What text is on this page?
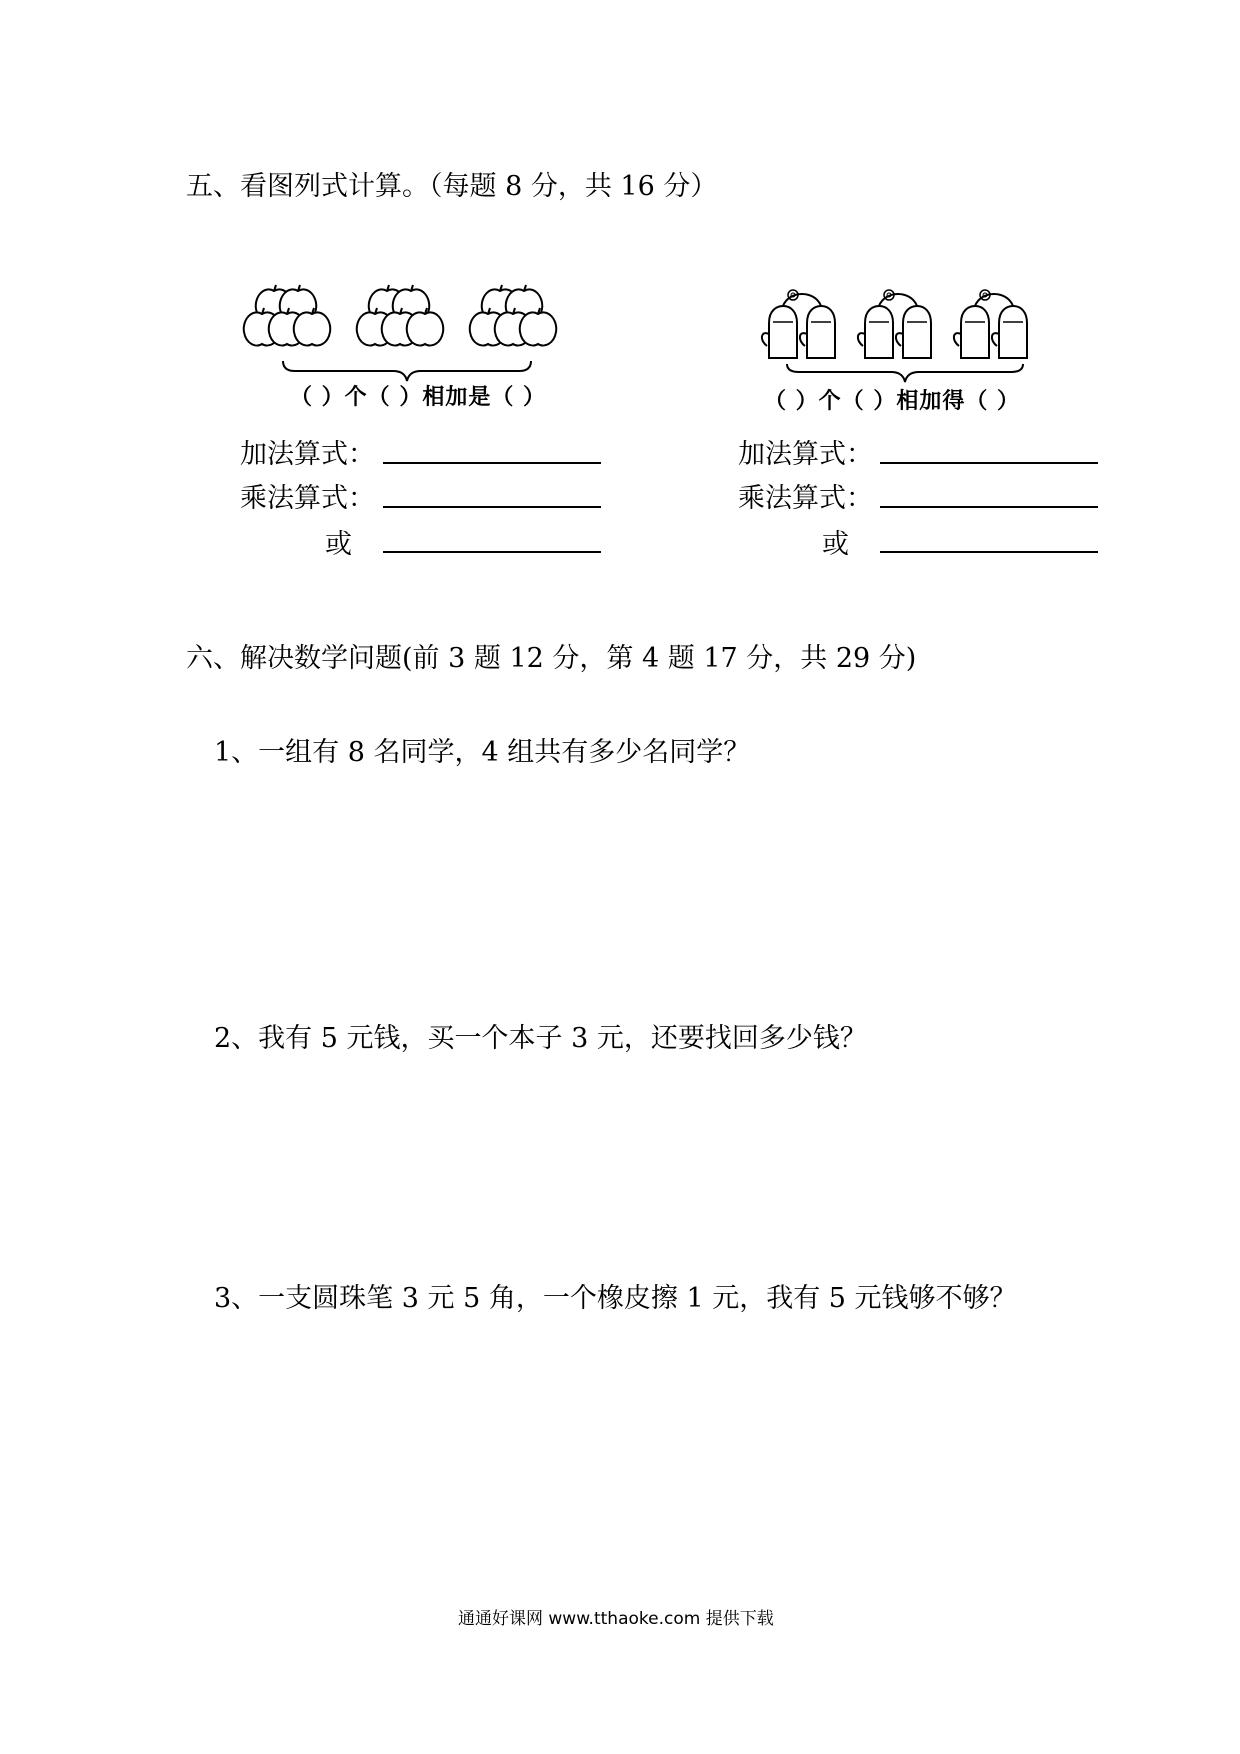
五、看图列式计算。（每题 8 分，共 16 分）
（ ）个（ ）相加是（ ）	（ ）个（ ）相加得（ ）
加法算式：
乘法算式：
或
加法算式：
乘法算式：
或
六、解决数学问题(前 3 题 12 分，第 4 题 17 分，共 29 分)
1、一组有 8 名同学，4 组共有多少名同学？
2、我有 5 元钱，买一个本子 3 元，还要找回多少钱？
3、一支圆珠笔 3 元 5 角，一个橡皮擦 1 元，我有 5 元钱够不够？
通通好课网 www.tthaoke.com 提供下载
